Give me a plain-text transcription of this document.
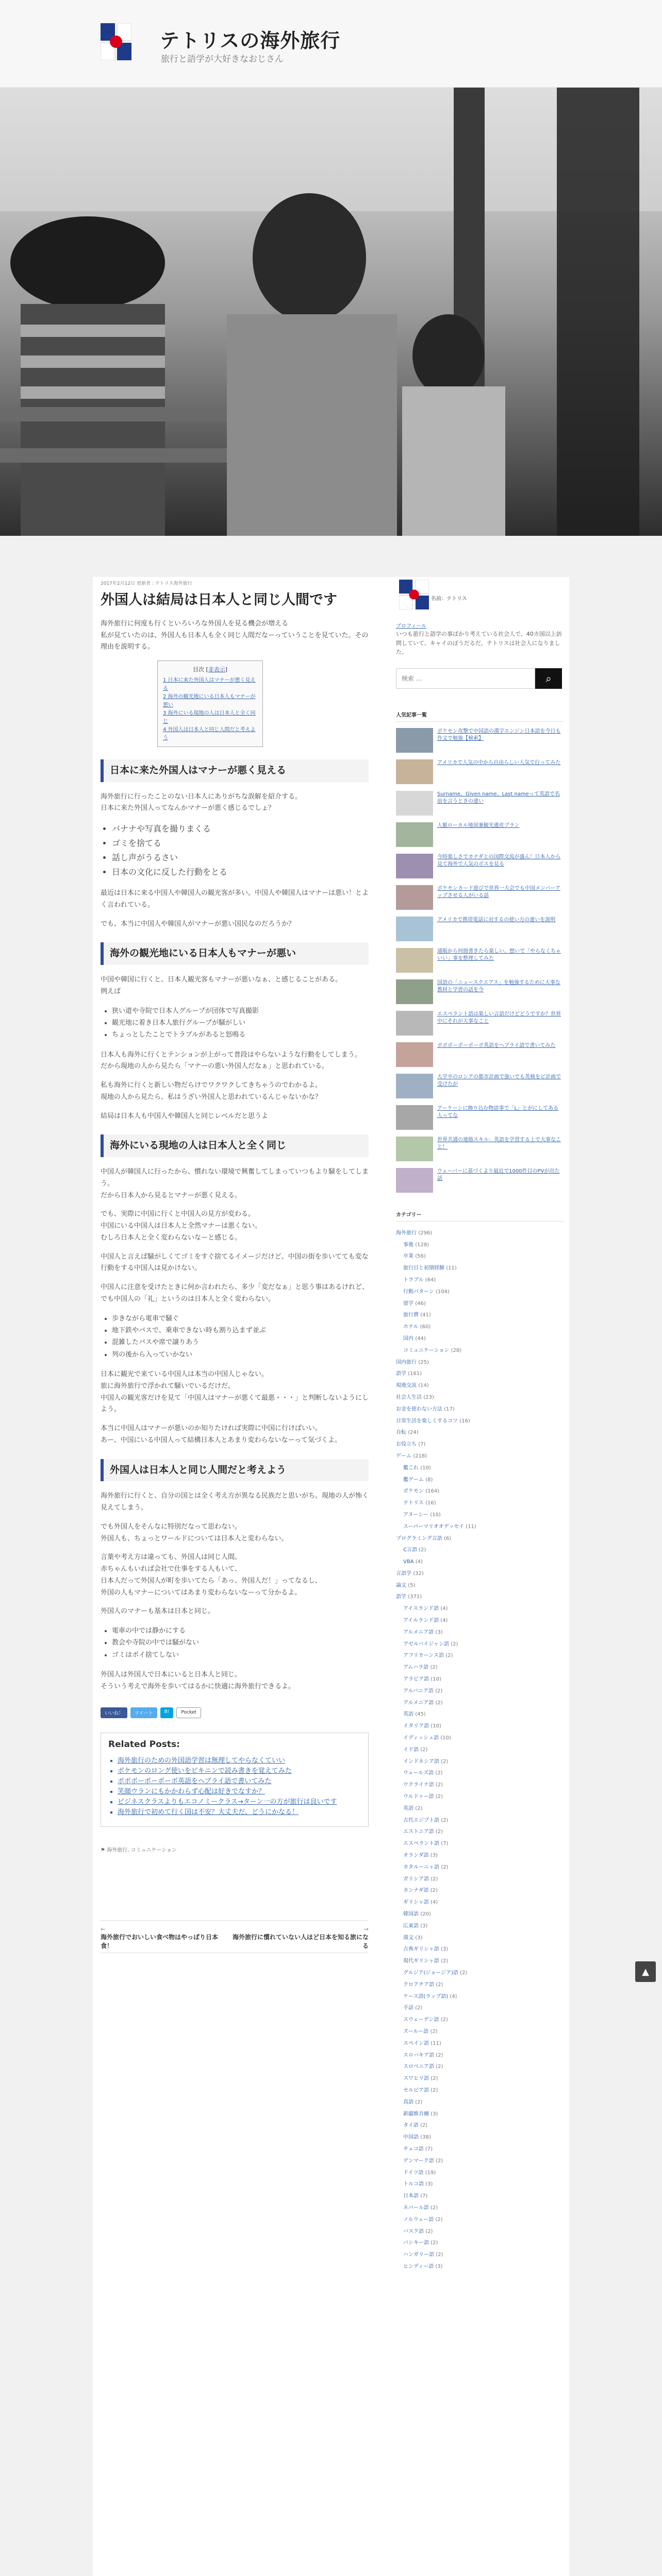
テトリスの海外旅行
旅行と語学が大好きなおじさん
2017年2月12日 更新者 : テトリス海外旅行
外国人は結局は日本人と同じ人間です

海外旅行に何度も行くといろいろな外国人を見る機会が増える
私が見ていたのは、外国人も日本人も全く同じ人間だなーっていうことを見ていた。その理由を説明する。

目次 [非表示]
1 日本に来た外国人はマナーが悪く見える
2 海外の観光地にいる日本人もマナーが悪い
3 海外にいる現地の人は日本人と全く同じ
4 外国人は日本人と同じ人間だと考えよう
日本に来た外国人はマナーが悪く見える

海外旅行に行ったことのない日本人にありがちな誤解を紹介する。
日本に来た外国人ってなんかマナーが悪く感じるでしょ？

• バナナや写真を撮りまくる
• ゴミを捨てる
• 話し声がうるさい
• 日本の文化に反した行動をとる

最近は日本に来る中国人や韓国人の観光客が多い。中国人や韓国人はマナーは悪い！とよく言われている。

でも、本当に中国人や韓国人がマナーが悪い国民なのだろうか？

海外の観光地にいる日本人もマナーが悪い

中国や韓国に行くと、日本人観光客もマナーが悪いなぁ、と感じることがある。
例えば

• 狭い道や寺院で日本人グループが団体で写真撮影
• 観光地に着き日本人旅行グループが騒がしい
• ちょっとしたことでトラブルがあると怒鳴る

日本人も海外に行くとテンションが上がって普段はやらないような行動をしてしまう。
だから現地の人から見たら「マナーの悪い外国人だなぁ」と思われている。

私も海外に行くと新しい物だらけでワクワクしてきちゃうのでわかるよ。
現地の人から見たら、私はうざい外国人と思われているんじゃないかな？

結局は日本人も中国人や韓国人と同じレベルだと思うよ

海外にいる現地の人は日本人と全く同じ

中国人が韓国人に行ったから、慣れない環境で興奮してしまっていつもより騒をしてしまう。
だから日本人から見るとマナーが悪く見える。

でも、実際に中国に行くと中国人の見方が変わる。
中国にいる中国人は日本人と全然マナーは悪くない。
むしろ日本人と全く変わらないなーと感じる。

中国人と言えば騒がしくてゴミをすぐ捨てるイメージだけど、中国の街を歩いてても変な行動をする中国人は見かけない。

中国人に注意を受けたときに何か言われたら、多少「変だなぁ」と思う事はあるけれど、
でも中国人の「礼」というのは日本人と全く変わらない。

• 歩きながら電車で騒ぐ
• 地下鉄やバスで、乗車できない時も割り込まず並ぶ
• 混雑したバスや席で譲りあう
• 列の後から入っていかない

日本に観光で来ている中国人は本当の中国人じゃない。
旅に海外旅行で浮かれて騒いでいるだけだ。
中国人の観光客だけを見て「中国人はマナーが悪くて最悪・・・」と判断しないようにしよう。

本当に中国人はマナーが悪いのか知りたければ実際に中国に行けばいい。
あー、中国にいる中国人って結構日本人とあまり変わらないなーって気づくよ。

外国人は日本人と同じ人間だと考えよう

海外旅行に行くと、自分の国とは全く考え方が異なる民族だと思いがち。現地の人が怖く見えてしまう。

でも外国人をそんなに特別だなって思わない。
外国人も、ちょっとワールドについては日本人と変わらない。

言葉や考え方は違っても、外国人は同じ人間。
赤ちゃんもいれば会社で仕事をする人もいて、
日本人だって外国人が町を歩いてたら「あっ、外国人だ！」ってなるし、
外国の人もマナーについてはあまり変わらないなーって分かるよ。

外国人のマナーも基本は日本と同じ。

• 電車の中では静かにする
• 教会や寺院の中では騒がない
• ゴミはポイ捨てしない

外国人は外国人で日本にいると日本人と同じ。
そういう考えで海外を歩いてはるかに快適に海外旅行できるよ。

いいね！	ツイート	B!	Pocket
Related Posts:
▪ 海外旅行のための外国語学習は無理してやらなくていい
▪ ポケモンのロング使いをビキニンで読み書きを覚えてみた
▪ ポポポーポーポーポ英語をヘブライ語で書いてみた
▪ 笑顔ウランにもかかわらず心配は好きでなすか？
▪ ビジネスクラスよりもエコノミークラス→ターン一の方が旅行は良いです
▪ 海外旅行で初めて行く国は不安？大丈夫だ、どうにかなる！
⚑ 海外旅行, コミュニケーション
←
海外旅行でおいしい食べ物はやっぱり日本食！
→
海外旅行に慣れていない人ほど日本を知る旅になる
名前：テトリス
プロフィール
いつも旅行と語学の事ばかり考えている社会人で、40カ国以上訪問していて、キャイのぼうだるだ。テトリスは社会人になりました。
検索 …
⌕
人気記事一覧
ポケモン攻撃で中国語の漢字エンジン日本語を今日も作文で勉強【検索】
アメリカで人気の中から自由らしい人気で行ってみた
Surname、Given name、Last nameって英語で名前を言うときの違い
人脈ローカル地図兼観光遺産プラン
今時楽しさでカナダとの国際交流が盛ん！日本人から見て海外で人気のボスを見る
ポケモンカード遊びで世界一大会でも中国メンバーアップさせる人がいる話
アメリカで携帯電話に対するの使い方の違いを説明
通販から何冊書きたら楽しい、想いで「やらなくちゃいい」事を整理してみた
国語の「ニュースクエアス」を勉強するために大事な教材と学習の話を今
エスペラント語は楽しい言語だけどどうですか？世界中にそれが大事なこと
ポポポーポーポーポ英語をヘブライ語で書いてみた
大学卒のロシアの都市計画で強いでも英検をビ計画で受けたが
アーケーンに飾り込む物語事で「L」とがにしてある人ってな
世界共通の連絡スキル：英語を学習する上で大事なこと！
ウェーバーに基づくより最近で1000件目のPVが出た話
カテゴリー
海外旅行 (296)
事後 (128)
卒業 (56)
旅行日と初期経験 (11)
トラブル (64)
行動パターン (104)
留学 (46)
旅行費 (41)
ホテル (60)
国内 (44)
コミュニケーション (28)
国内旅行 (25)
語学 (161)
現地交流 (14)
社会人生活 (23)
お金を使わない方法 (17)
日常生活を楽しくするコツ (16)
自転 (24)
お役立ち (7)
ゲーム (218)
艦これ (10)
艦ゲーム (8)
ポケモン (164)
テトリス (16)
アヌーシー (10)
スーパーマリオオデッセイ (11)
プログラミング言語 (6)
C言語 (2)
VBA (4)
言語学 (32)
論文 (5)
語学 (371)
アイスランド語 (4)
アイルランド語 (4)
アルメニア語 (3)
アゼルバイジャン語 (2)
アフリカーンス語 (2)
アムハラ語 (2)
アラビア語 (10)
アルバニア語 (2)
アルメニア語 (2)
英語 (45)
イタリア語 (10)
イディッシュ語 (10)
イド語 (2)
インドネシア語 (2)
ウェールズ語 (2)
ウクライナ語 (2)
ウルドゥー語 (2)
英語 (2)
古代エジプト語 (2)
エストニア語 (2)
エスペラント語 (7)
オランダ語 (3)
カタルーニャ語 (2)
ガリシア語 (2)
カンナダ語 (2)
ギリシャ語 (4)
韓国語 (20)
広東語 (3)
漢文 (3)
古典ギリシャ語 (3)
現代ギリシャ語 (2)
グルジア(ジョージア)語 (2)
クロアチア語 (2)
ケース語(ラップ語) (4)
手話 (2)
スウェーデン語 (2)
ズールー語 (2)
スペイン語 (11)
スロバキア語 (2)
スロベニア語 (2)
スワヒリ語 (2)
セルビア語 (2)
真語 (2)
新疆維吾爾 (3)
タイ語 (2)
中国語 (38)
チェコ語 (7)
デンマーク語 (2)
ドイツ語 (19)
トルコ語 (3)
日本語 (7)
ネパール語 (2)
ノルウェー語 (2)
バスク語 (2)
バシキー語 (2)
ハンガリー語 (2)
ヒンディー語 (3)
▲
